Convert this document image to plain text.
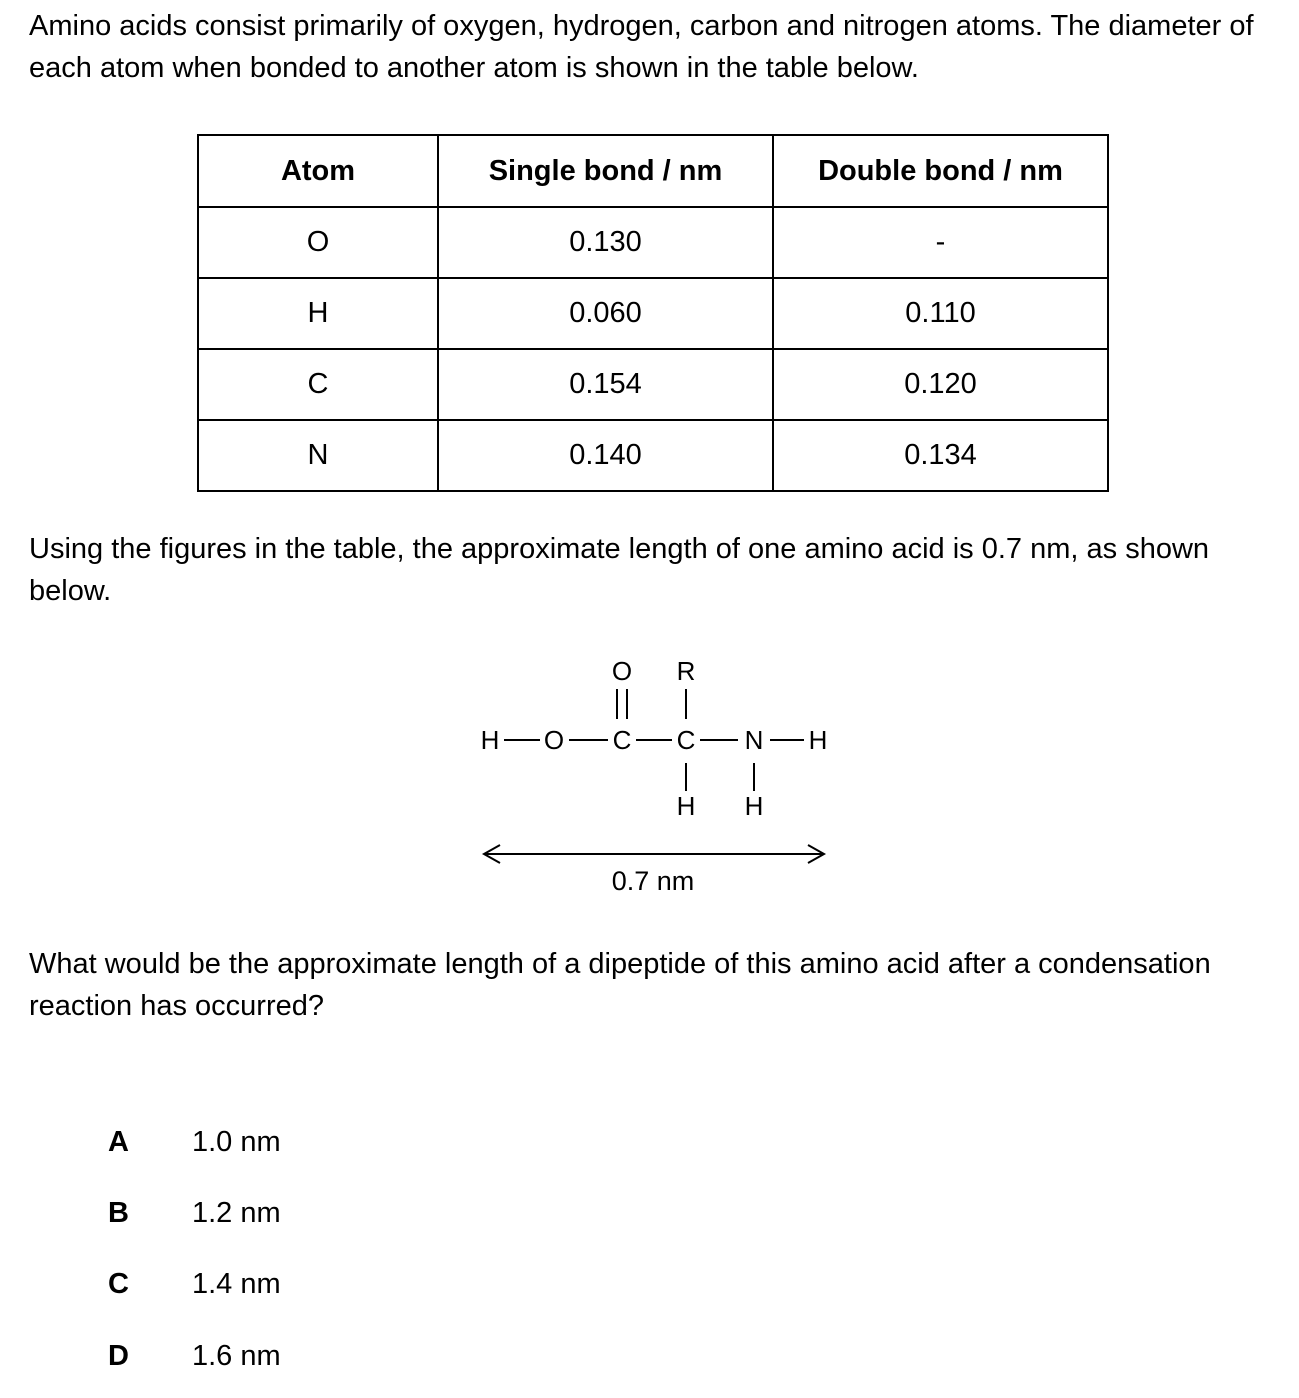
Amino acids consist primarily of oxygen, hydrogen, carbon and nitrogen atoms. The diameter of each atom when bonded to another atom is shown in the table below.

Atom	Single bond / nm	Double bond / nm
O	0.130	-
H	0.060	0.110
C	0.154	0.120
N	0.140	0.134

Using the figures in the table, the approximate length of one amino acid is 0.7 nm, as shown below.

H O C
O
C
R
H
N
H
H
0.7 nm

What would be the approximate length of a dipeptide of this amino acid after a condensation reaction has occurred?

A 1.0 nm
B 1.2 nm
C 1.4 nm
D 1.6 nm
